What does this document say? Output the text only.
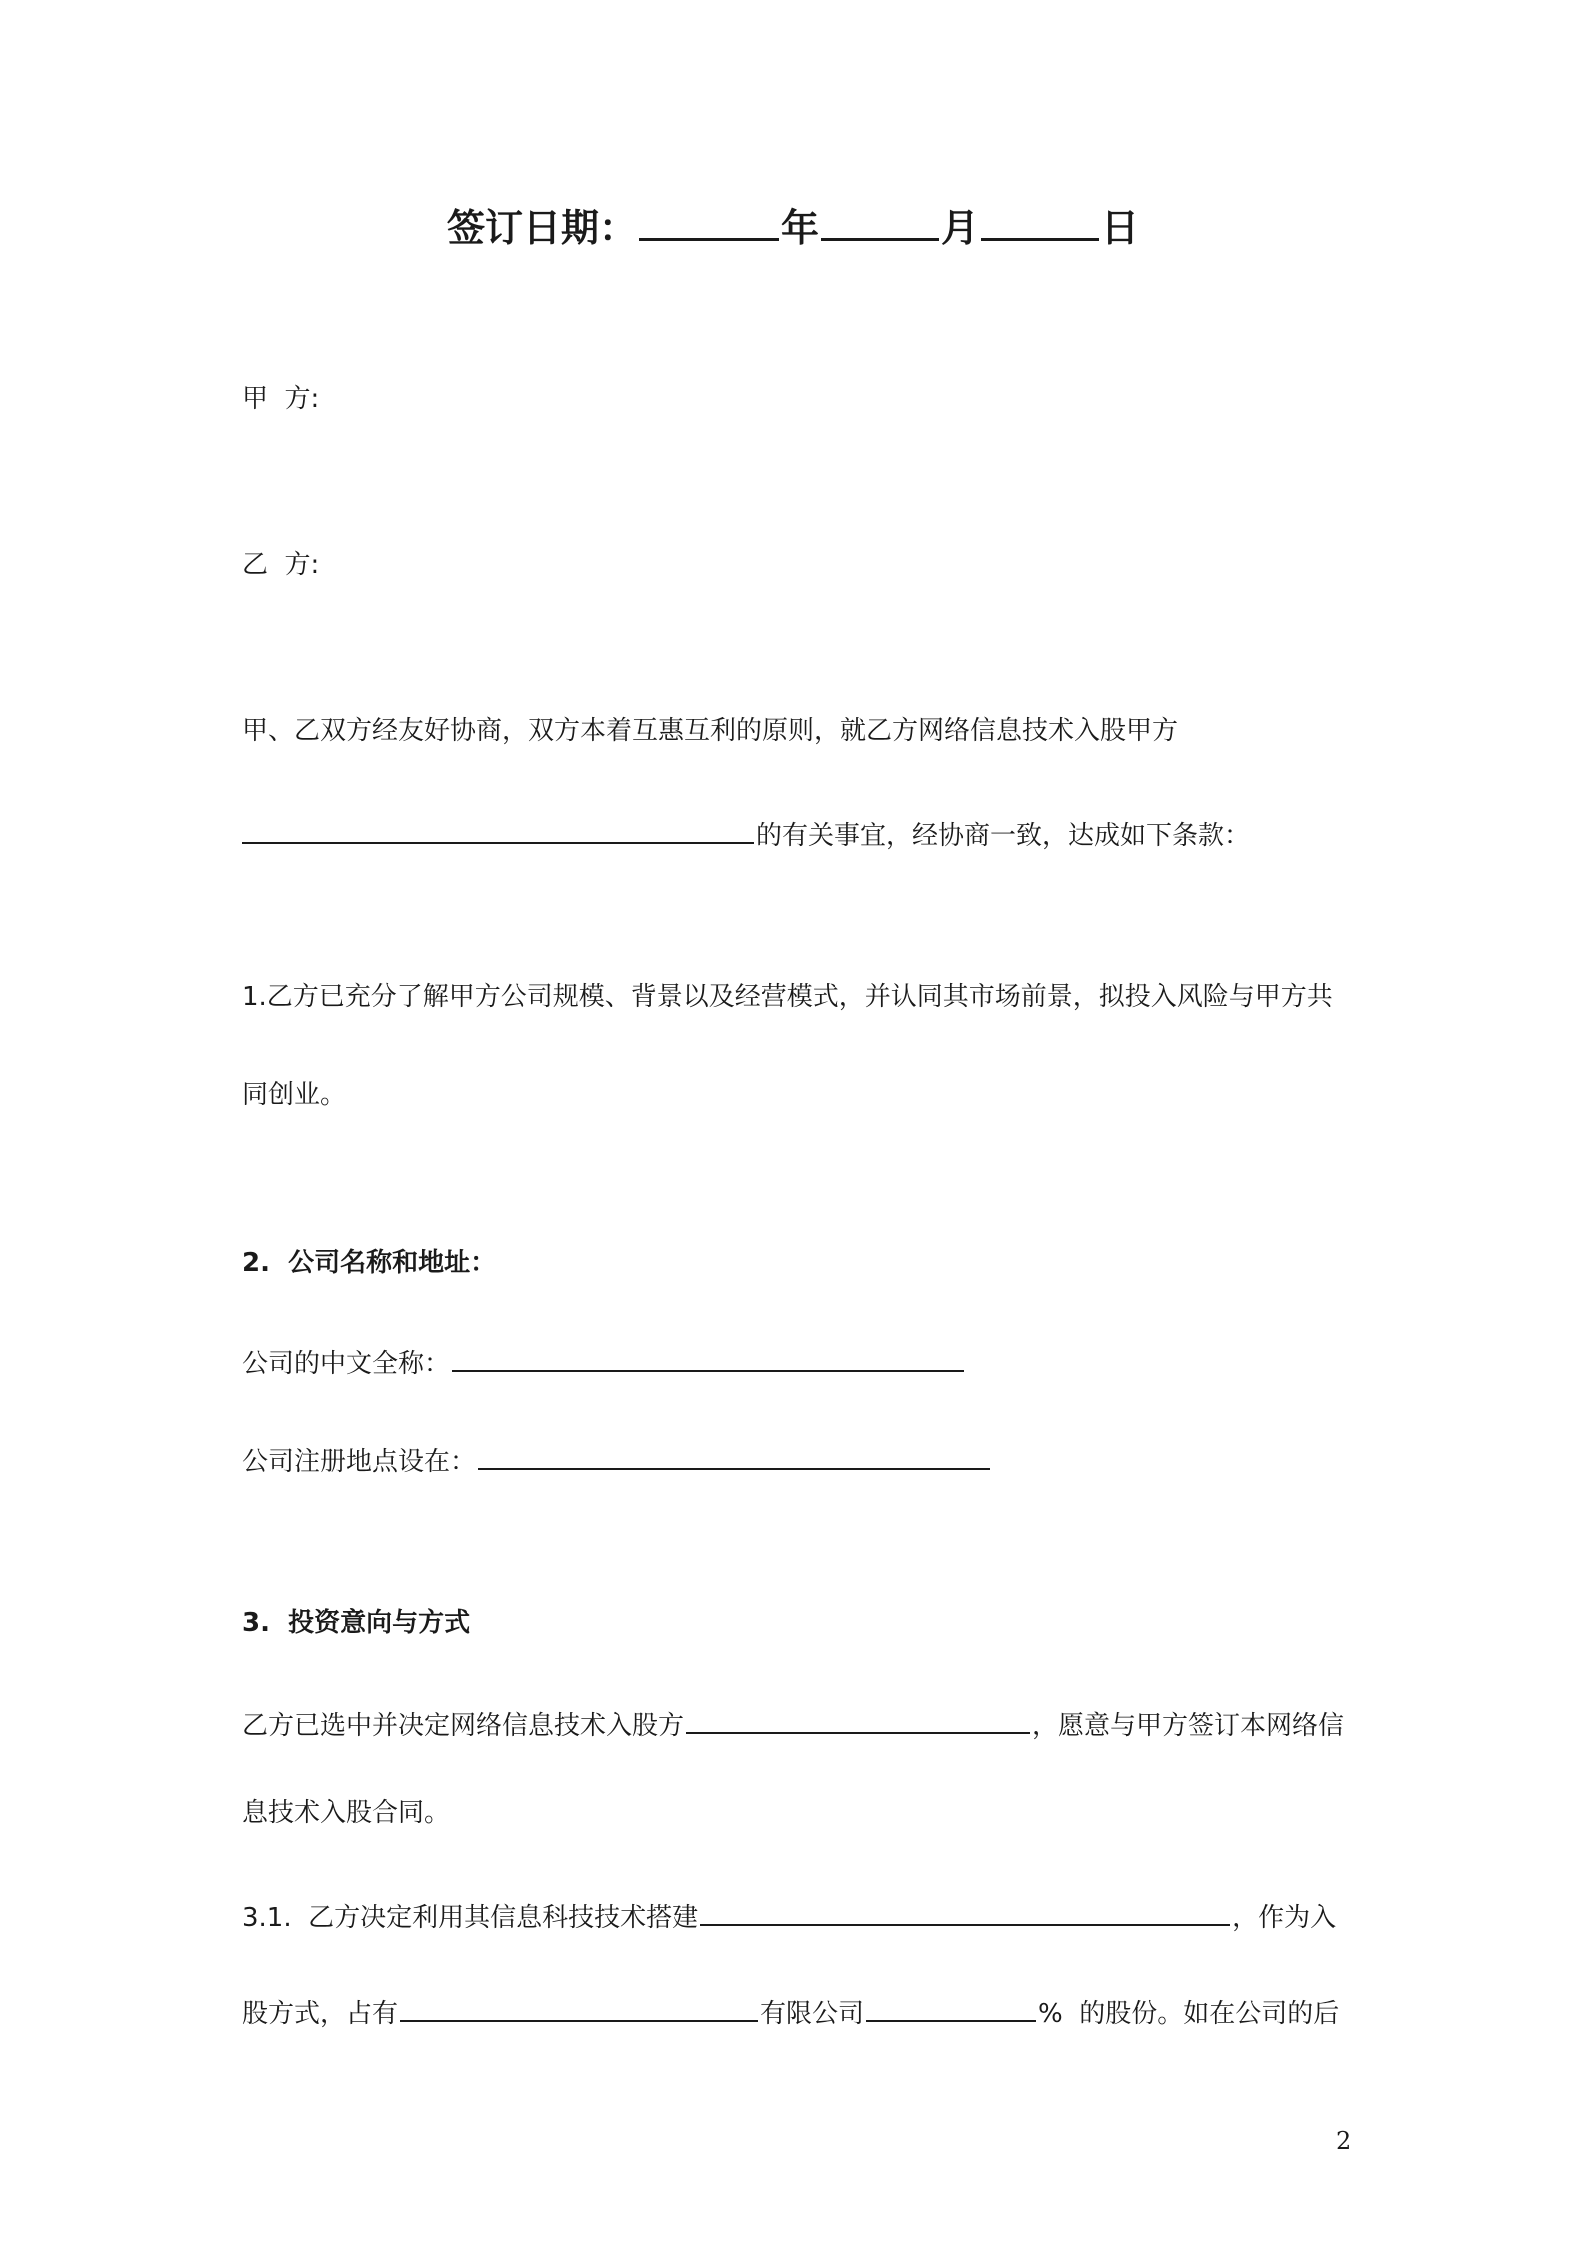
签订日期：	年	月	日
甲  方:
乙  方:
甲、乙双方经友好协商，双方本着互惠互利的原则，就乙方网络信息技术入股甲方
的有关事宜，经协商一致，达成如下条款：
1.乙方已充分了解甲方公司规模、背景以及经营模式，并认同其市场前景，拟投入风险与甲方共
同创业。
2.  公司名称和地址：
公司的中文全称：
公司注册地点设在：
3.  投资意向与方式
乙方已选中并决定网络信息技术入股方	，愿意与甲方签订本网络信
息技术入股合同。
3.1.  乙方决定利用其信息科技技术搭建	，作为入
股方式，占有	有限公司	%  的股份。如在公司的后
2
